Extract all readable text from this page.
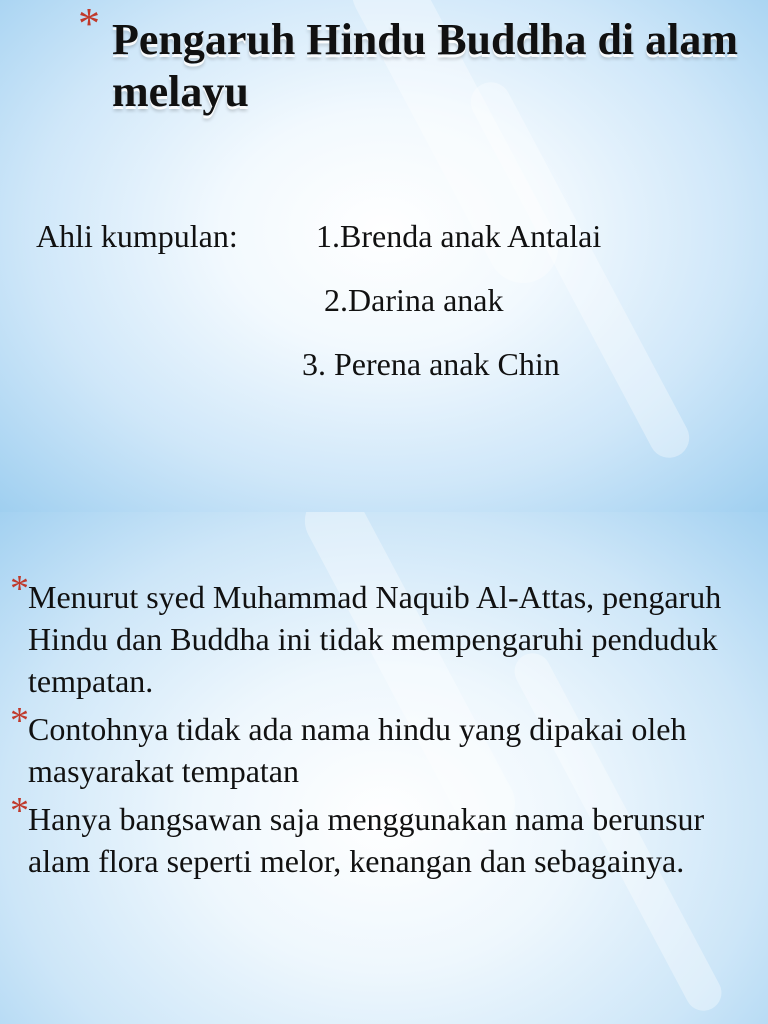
* Pengaruh Hindu Buddha di alam melayu
Ahli kumpulan: 1.Brenda anak Antalai
2.Darina anak
3. Perena anak Chin
* Menurut syed Muhammad Naquib Al-Attas, pengaruh Hindu dan Buddha ini tidak mempengaruhi penduduk tempatan.
* Contohnya tidak ada nama hindu yang dipakai oleh masyarakat tempatan
* Hanya bangsawan saja menggunakan nama berunsur alam flora seperti melor, kenangan dan sebagainya.
